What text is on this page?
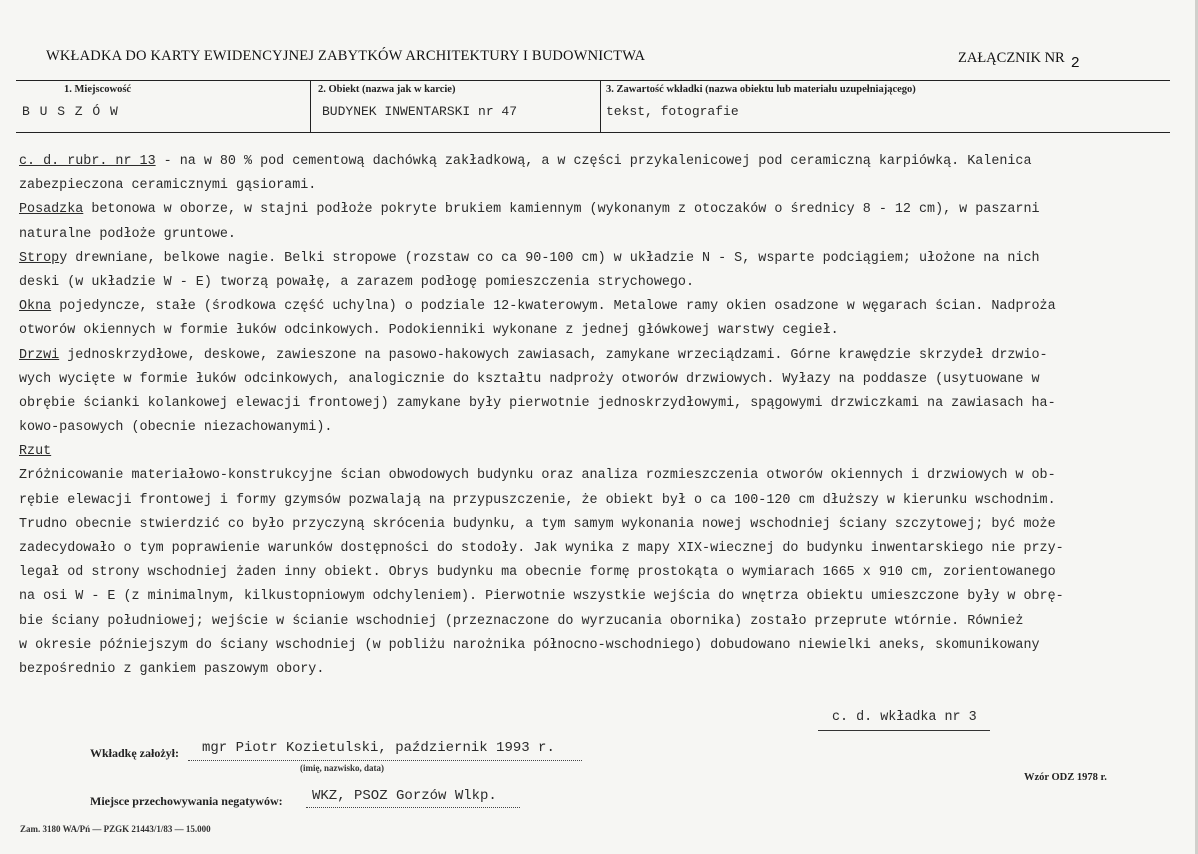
WKŁADKA DO KARTY EWIDENCYJNEJ ZABYTKÓW ARCHITEKTURY I BUDOWNICTWA	ZAŁĄCZNIK NR 2
1. Miejscowość
B U S Z Ó W
2. Obiekt (nazwa jak w karcie)
BUDYNEK INWENTARSKI nr 47
3. Zawartość wkładki (nazwa obiektu lub materiału uzupełniającego)
tekst, fotografie
c. d. rubr. nr 13 - na w 80 % pod cementową dachówką zakładkową, a w części przykalenicowej pod ceramiczną karpiówką. Kalenica
zabezpieczona ceramicznymi gąsiorami.
Posadzka betonowa w oborze, w stajni podłoże pokryte brukiem kamiennym (wykonanym z otoczaków o średnicy 8 - 12 cm), w paszarni
naturalne podłoże gruntowe.
Stropy drewniane, belkowe nagie. Belki stropowe (rozstaw co ca 90-100 cm) w układzie N - S, wsparte podciągiem; ułożone na nich
deski (w układzie W - E) tworzą powałę, a zarazem podłogę pomieszczenia strychowego.
Okna pojedyncze, stałe (środkowa część uchylna) o podziale 12-kwaterowym. Metalowe ramy okien osadzone w węgarach ścian. Nadproża
otworów okiennych w formie łuków odcinkowych. Podokienniki wykonane z jednej główkowej warstwy cegieł.
Drzwi jednoskrzydłowe, deskowe, zawieszone na pasowo-hakowych zawiasach, zamykane wrzeciądzami. Górne krawędzie skrzydeł drzwio-
wych wycięte w formie łuków odcinkowych, analogicznie do kształtu nadproży otworów drzwiowych. Wyłazy na poddasze (usytuowane w
obrębie ścianki kolankowej elewacji frontowej) zamykane były pierwotnie jednoskrzydłowymi, spągowymi drzwiczkami na zawiasach ha-
kowo-pasowych (obecnie niezachowanymi).
Rzut
Zróżnicowanie materiałowo-konstrukcyjne ścian obwodowych budynku oraz analiza rozmieszczenia otworów okiennych i drzwiowych w ob-
rębie elewacji frontowej i formy gzymsów pozwalają na przypuszczenie, że obiekt był o ca 100-120 cm dłuższy w kierunku wschodnim.
Trudno obecnie stwierdzić co było przyczyną skrócenia budynku, a tym samym wykonania nowej wschodniej ściany szczytowej; być może
zadecydowało o tym poprawienie warunków dostępności do stodoły. Jak wynika z mapy XIX-wiecznej do budynku inwentarskiego nie przy-
legał od strony wschodniej żaden inny obiekt. Obrys budynku ma obecnie formę prostokąta o wymiarach 1665 x 910 cm, zorientowanego
na osi W - E (z minimalnym, kilkustopniowym odchyleniem). Pierwotnie wszystkie wejścia do wnętrza obiektu umieszczone były w obrę-
bie ściany południowej; wejście w ścianie wschodniej (przeznaczone do wyrzucania obornika) zostało przeprute wtórnie. Również
w okresie późniejszym do ściany wschodniej (w pobliżu narożnika północno-wschodniego) dobudowano niewielki aneks, skomunikowany
bezpośrednio z gankiem paszowym obory.
c. d. wkładka nr 3
Wkładkę założył: mgr Piotr Kozietulski, październik 1993 r.
(imię, nazwisko, data)
Wzór ODZ 1978 r.
Miejsce przechowywania negatywów: WKZ, PSOZ Gorzów Wlkp.
Zam. 3180 WA/Pń — PZGK 21443/1/83 — 15.000
